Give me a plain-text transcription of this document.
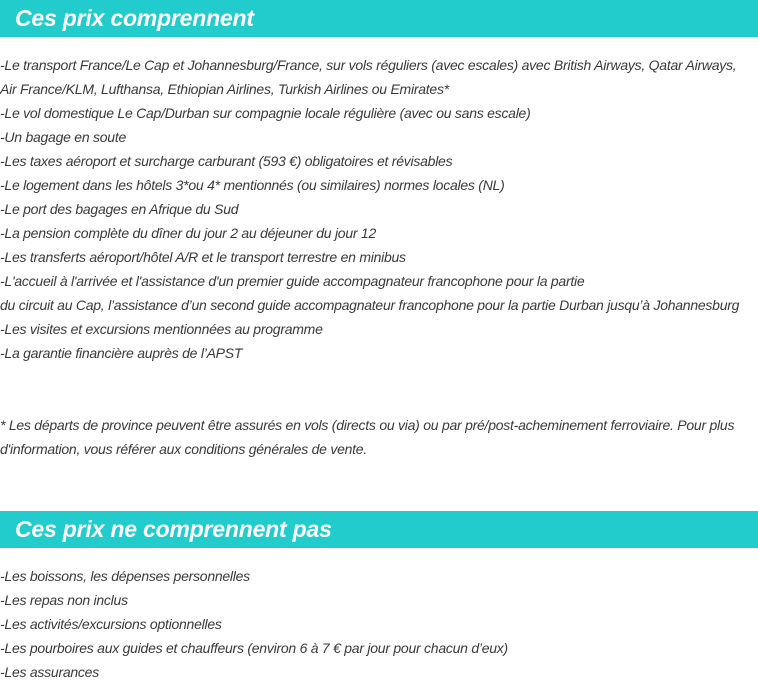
Ces prix comprennent
-Le transport France/Le Cap et Johannesburg/France, sur vols réguliers (avec escales) avec British Airways, Qatar Airways, Air France/KLM, Lufthansa, Ethiopian Airlines, Turkish Airlines ou Emirates*
-Le vol domestique Le Cap/Durban sur compagnie locale régulière (avec ou sans escale)
-Un bagage en soute
-Les taxes aéroport et surcharge carburant (593 €) obligatoires et révisables
-Le logement dans les hôtels 3*ou 4* mentionnés (ou similaires) normes locales (NL)
-Le port des bagages en Afrique du Sud
-La pension complète du dîner du jour 2 au déjeuner du jour 12
-Les transferts aéroport/hôtel A/R et le transport terrestre en minibus
-L'accueil à l'arrivée et l'assistance d'un premier guide accompagnateur francophone pour la partie
du circuit au Cap, l’assistance d’un second guide accompagnateur francophone pour la partie Durban jusqu’à Johannesburg
-Les visites et excursions mentionnées au programme
-La garantie financière auprès de l’APST

* Les départs de province peuvent être assurés en vols (directs ou via) ou par pré/post-acheminement ferroviaire. Pour plus d'information, vous référer aux conditions générales de vente.

Ces prix ne comprennent pas
-Les boissons, les dépenses personnelles
-Les repas non inclus
-Les activités/excursions optionnelles
-Les pourboires aux guides et chauffeurs (environ 6 à 7 € par jour pour chacun d’eux)
-Les assurances
